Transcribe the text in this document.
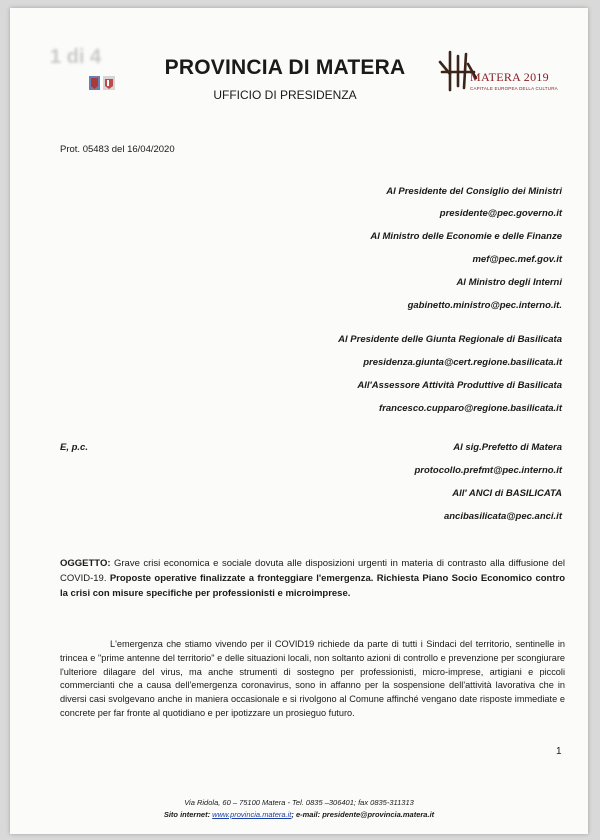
1 di 4	PROVINCIA DI MATERA
UFFICIO DI PRESIDENZA
MATERA 2019
CAPITALE EUROPEA DELLA CULTURA
Prot. 05483 del 16/04/2020
Al Presidente del Consiglio dei Ministri
presidente@pec.governo.it
Al Ministro delle Economie e delle Finanze
mef@pec.mef.gov.it
Al Ministro degli Interni
gabinetto.ministro@pec.interno.it.
Al Presidente delle Giunta Regionale di Basilicata
presidenza.giunta@cert.regione.basilicata.it
All'Assessore Attività Produttive di Basilicata
francesco.cupparo@regione.basilicata.it
E, p.c.	Al sig.Prefetto di Matera
protocollo.prefmt@pec.interno.it
All' ANCI di BASILICATA
ancibasilicata@pec.anci.it
OGGETTO: Grave crisi economica e sociale dovuta alle disposizioni urgenti in materia di contrasto alla diffusione del COVID-19. Proposte operative finalizzate a fronteggiare l'emergenza. Richiesta Piano Socio Economico contro la crisi con misure specifiche per professionisti e microimprese.
L'emergenza che stiamo vivendo per il COVID19 richiede da parte di tutti i Sindaci del territorio, sentinelle in trincea e "prime antenne del territorio" e delle situazioni locali, non soltanto azioni di controllo e prevenzione per scongiurare l'ulteriore dilagare del virus, ma anche strumenti di sostegno per professionisti, micro-imprese, artigiani e piccoli commercianti che a causa dell'emergenza coronavirus, sono in affanno per la sospensione dell'attività lavorativa che in diversi casi svolgevano anche in maniera occasionale e si rivolgono al Comune affinché vengano date risposte immediate e concrete per far fronte al quotidiano e per ipotizzare un prosieguo futuro.
1
Via Ridola, 60 – 75100 Matera - Tel. 0835 –306401; fax 0835-311313
Sito internet: www.provincia.matera.it; e-mail: presidente@provincia.matera.it
